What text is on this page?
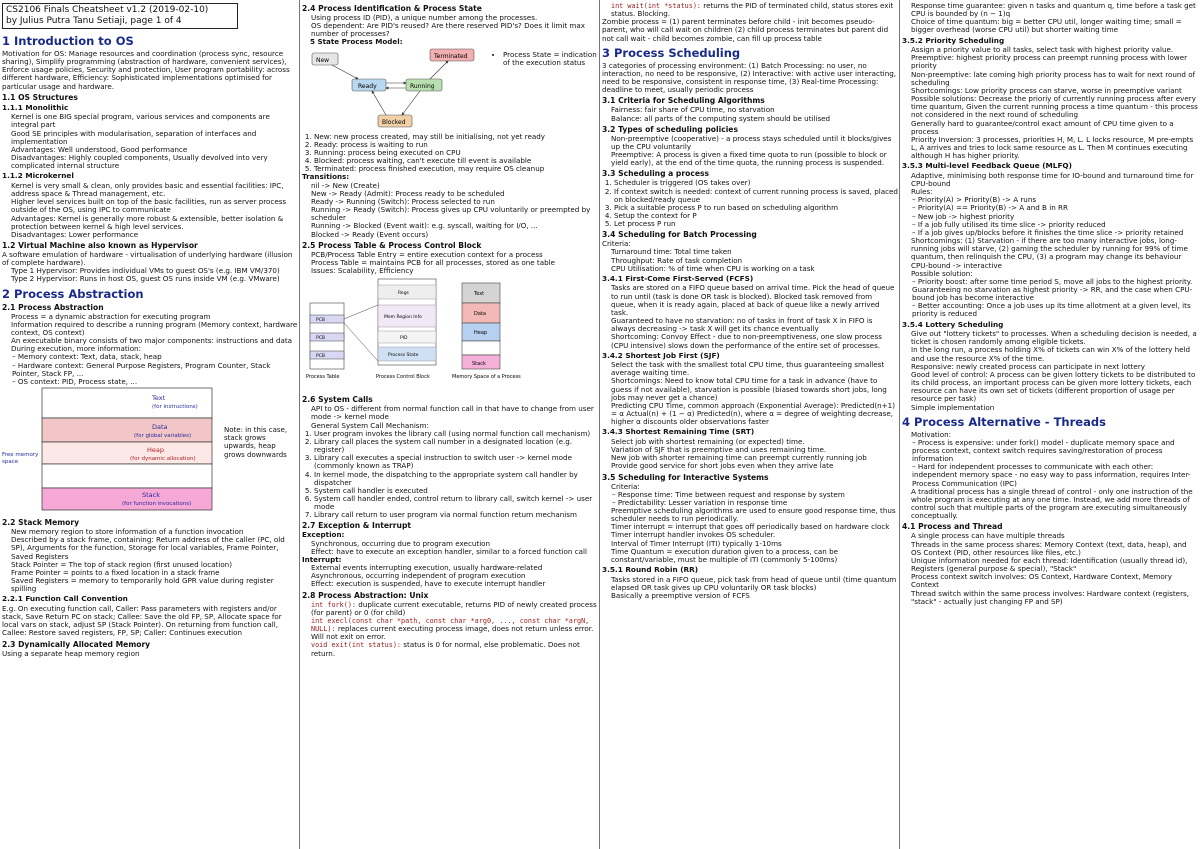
CS2106 Finals Cheatsheet v1.2 (2019-02-10)
by Julius Putra Tanu Setiaji, page 1 of 4
1 Introduction to OS

Motivation for OS: Manage resources and coordination (process sync, resource sharing), Simplify programming (abstraction of hardware, convenient services), Enforce usage policies, Security and protection, User program portability: across different hardware, Efficiency: Sophisticated implementations optimised for particular usage and hardware.

1.1 OS Structures
1.1.1 Monolithic
• Kernel is one BIG special program, various services and components are integral part
• Good SE principles with modularisation, separation of interfaces and implementation
• Advantages: Well understood, Good performance
• Disadvantages: Highly coupled components, Usually devolved into very complicated internal structure
1.1.2 Microkernel
• Kernel is very small & clean, only provides basic and essential facilities: IPC, address space & Thread management, etc.
• Higher level services built on top of the basic facilities, run as server process outside of the OS, using IPC to communicate
• Advantages: Kernel is generally more robust & extensible, better isolation & protection between kernel & high level services.
• Disadvantages: Lower performance
1.2 Virtual Machine also known as Hypervisor

A software emulation of hardware - virtualisation of underlying hardware (illusion of complete hardware).

• Type 1 Hypervisor: Provides individual VMs to guest OS's (e.g. IBM VM/370)
• Type 2 Hypervisor: Runs in host OS, guest OS runs inside VM (e.g. VMware)
2 Process Abstraction
2.1 Process Abstraction
• Process = a dynamic abstraction for executing program
• Information required to describe a running program (Memory context, hardware context, OS context)
• An executable binary consists of two major components: instructions and data
• During execution, more information:
– Memory context: Text, data, stack, heap
– Hardware context: General Purpose Registers, Program Counter, Stack Pointer, Stack FP, ...
– OS context: PID, Process state, ...
Text
(for instructions)
Data
(for global variables)
Heap
(for dynamic allocation)
Stack
(for function invocations)
Free memory space
Note: in this case, stack grows upwards, heap grows downwards
2.2 Stack Memory
• New memory region to store information of a function invocation
• Described by a stack frame, containing: Return address of the caller (PC, old SP), Arguments for the function, Storage for local variables, Frame Pointer, Saved Registers
• Stack Pointer = The top of stack region (first unused location)
• Frame Pointer = points to a fixed location in a stack frame
• Saved Registers = memory to temporarily hold GPR value during register spilling
2.2.1 Function Call Convention

E.g. On executing function call, Caller: Pass parameters with registers and/or stack, Save Return PC on stack; Callee: Save the old FP, SP, Allocate space for local vars on stack, adjust SP (Stack Pointer). On returning from function call, Callee: Restore saved registers, FP, SP; Caller: Continues execution

2.3 Dynamically Allocated Memory

Using a separate heap memory region

2.4 Process Identification & Process State
• Using process ID (PID), a unique number among the processes.
• OS dependent: Are PID's reused? Are there reserved PID's? Does it limit max number of processes?
5 State Process Model:
New
Terminated
Ready	Running
Blocked
• Process State = indication of the execution status
1. New: new process created, may still be initialising, not yet ready
2. Ready: process is waiting to run
3. Running: process being executed on CPU
4. Blocked: process waiting, can't execute till event is available
5. Terminated: process finished execution, may require OS cleanup
Transitions:
• nil -> New (Create)
• New -> Ready (Admit): Process ready to be scheduled
• Ready -> Running (Switch): Process selected to run
• Running -> Ready (Switch): Process gives up CPU voluntarily or preempted by scheduler
• Running -> Blocked (Event wait): e.g. syscall, waiting for I/O, ...
• Blocked -> Ready (Event occurs)
2.5 Process Table & Process Control Block
• PCB/Process Table Entry = entire execution context for a process
• Process Table = maintains PCB for all processes, stored as one table
• Issues: Scalability, Efficiency
PCB
PCB
PCB
Regs
Mem Region Info
PID
Process State
Text
Data
Heap
Stack
Process Table	Process Control Block	Memory Space of a Process
2.6 System Calls
• API to OS - different from normal function call in that have to change from user mode -> kernel mode
• General System Call Mechanism:
1. User program invokes the library call (using normal function call mechanism)
2. Library call places the system call number in a designated location (e.g. register)
3. Library call executes a special instruction to switch user -> kernel mode (commonly known as TRAP)
4. In kernel mode, the dispatching to the appropriate system call handler by dispatcher
5. System call handler is executed
6. System call handler ended, control return to library call, switch kernel -> user mode
7. Library call return to user program via normal function return mechanism
2.7 Exception & Interrupt
Exception:
• Synchronous, occurring due to program execution
• Effect: have to execute an exception handler, similar to a forced function call
Interrupt:
• External events interrupting execution, usually hardware-related
• Asynchronous, occurring independent of program execution
• Effect: execution is suspended, have to execute interrupt handler
2.8 Process Abstraction: Unix
• int fork(): duplicate current executable, returns PID of newly created process (for parent) or 0 (for child)
• int execl(const char *path, const char *arg0, ..., const char *argN, NULL): replaces current executing process image, does not return unless error. Will not exit on error.
• void exit(int status): status is 0 for normal, else problematic. Does not return.
• int wait(int *status): returns the PID of terminated child, status stores exit status. Blocking.

Zombie process = (1) parent terminates before child - init becomes pseudo-parent, who will call wait on children (2) child process terminates but parent did not call wait - child becomes zombie, can fill up process table

3 Process Scheduling

3 categories of processing environment: (1) Batch Processing: no user, no interaction, no need to be responsive, (2) Interactive: with active user interacting, need to be responsive, consistent in response time, (3) Real-time Processing: deadline to meet, usually periodic process

3.1 Criteria for Scheduling Algorithms
• Fairness: fair share of CPU time, no starvation
• Balance: all parts of the computing system should be utilised
3.2 Types of scheduling policies
• Non-preemptive (cooperative) - a process stays scheduled until it blocks/gives up the CPU voluntarily
• Preemptive: A process is given a fixed time quota to run (possible to block or yield early), at the end of the time quota, the running process is suspended.
3.3 Scheduling a process
1. Scheduler is triggered (OS takes over)
2. If context switch is needed: context of current running process is saved, placed on blocked/ready queue
3. Pick a suitable process P to run based on scheduling algorithm
4. Setup the context for P
5. Let process P run
3.4 Scheduling for Batch Processing
Criteria:
• Turnaround time: Total time taken
• Throughput: Rate of task completion
• CPU Utilisation: % of time when CPU is working on a task
3.4.1 First-Come First-Served (FCFS)
• Tasks are stored on a FIFO queue based on arrival time. Pick the head of queue to run until (task is done OR task is blocked). Blocked task removed from queue, when it is ready again, placed at back of queue like a newly arrived task.
• Guaranteed to have no starvation: no of tasks in front of task X in FIFO is always decreasing -> task X will get its chance eventually
• Shortcoming: Convoy Effect - due to non-preemptiveness, one slow process (CPU intensive) slows down the performance of the entire set of processes.
3.4.2 Shortest Job First (SJF)
• Select the task with the smallest total CPU time, thus guaranteeing smallest average waiting time.
• Shortcomings: Need to know total CPU time for a task in advance (have to guess if not available), starvation is possible (biased towards short jobs, long jobs may never get a chance)
• Predicting CPU Time, common approach (Exponential Average): Predicted(n+1) = α Actual(n) + (1 − α) Predicted(n), where α = degree of weighting decrease, higher α discounts older observations faster
3.4.3 Shortest Remaining Time (SRT)
• Select job with shortest remaining (or expected) time.
• Variation of SJF that is preemptive and uses remaining time.
• New job with shorter remaining time can preempt currently running job
• Provide good service for short jobs even when they arrive late
3.5 Scheduling for Interactive Systems
• Criteria:
– Response time: Time between request and response by system
– Predictability: Lesser variation in response time
• Preemptive scheduling algorithms are used to ensure good response time, thus scheduler needs to run periodically.
• Timer interrupt = interrupt that goes off periodically based on hardware clock
• Timer interrupt handler invokes OS scheduler.
• Interval of Timer Interrupt (ITI) typically 1-10ms
• Time Quantum = execution duration given to a process, can be constant/variable, must be multiple of ITI (commonly 5-100ms)
3.5.1 Round Robin (RR)
• Tasks stored in a FIFO queue, pick task from head of queue until (time quantum elapsed OR task gives up CPU voluntarily OR task blocks)
• Basically a preemptive version of FCFS
• Response time guarantee: given n tasks and quantum q, time before a task get CPU is bounded by (n − 1)q
• Choice of time quantum: big = better CPU util, longer waiting time; small = bigger overhead (worse CPU util) but shorter waiting time
3.5.2 Priority Scheduling
• Assign a priority value to all tasks, select task with highest priority value.
• Preemptive: highest priority process can preempt running process with lower priority
• Non-preemptive: late coming high priority process has to wait for next round of scheduling
• Shortcomings: Low priority process can starve, worse in preemptive variant
• Possible solutions: Decrease the prioriy of currently running process after every time quantum, Given the current running process a time quantum - this process not considered in the next round of scheduling
• Generally hard to guarantee/control exact amount of CPU time given to a process
• Priority Inversion: 3 processes, priorities H, M, L. L locks resource, M pre-empts L, A arrives and tries to lock same resource as L. Then M continues executing although H has higher priority.
3.5.3 Multi-level Feedback Queue (MLFQ)
• Adaptive, minimising both response time for IO-bound and turnaround time for CPU-bound
• Rules:
– Priority(A) > Priority(B) -> A runs
– Priority(A) == Priority(B) -> A and B in RR
– New job -> highest priority
– If a job fully utilised its time slice -> priority reduced
– If a job gives up/blocks before it finishes the time slice -> priority retained
• Shortcomings: (1) Starvation - if there are too many interactive jobs, long-running jobs will starve, (2) gaming the scheduler by running for 99% of time quantum, then relinquish the CPU, (3) a program may change its behaviour CPU-bound -> interactive
• Possible solution:
– Priority boost: after some time period S, move all jobs to the highest priority. Guaranteeing no starvation as highest priority -> RR, and the case when CPU-bound job has become interactive
– Better accounting: Once a job uses up its time allotment at a given level, its priority is reduced
3.5.4 Lottery Scheduling
• Give out "lottery tickets" to processes. When a scheduling decision is needed, a ticket is chosen randomly among eligible tickets.
• In the long run, a process holding X% of tickets can win X% of the lottery held and use the resource X% of the time.
• Responsive: newly created process can participate in next lottery
• Good level of control: A process can be given lottery tickets to be distributed to its child process, an important process can be given more lottery tickets, each resource can have its own set of tickets (different proportion of usage per resource per task)
• Simple implementation
4 Process Alternative - Threads
• Motivation:
– Process is expensive: under fork() model - duplicate memory space and process context, context switch requires saving/restoration of process information
– Hard for independent processes to communicate with each other: independent memory space - no easy way to pass information, requires Inter-Process Communication (IPC)
• A traditional process has a single thread of control - only one instruction of the whole program is executing at any one time. Instead, we add more threads of control such that multiple parts of the program are executing simultaneously conceptually.
4.1 Process and Thread
• A single process can have multiple threads
• Threads in the same process shares: Memory Context (text, data, heap), and OS Context (PID, other resources like files, etc.)
• Unique information needed for each thread: Identification (usually thread id), Registers (general purpose & special), "Stack"
• Process context switch involves: OS Context, Hardware Context, Memory Context
• Thread switch within the same process involves: Hardware context (registers, "stack" - actually just changing FP and SP)
